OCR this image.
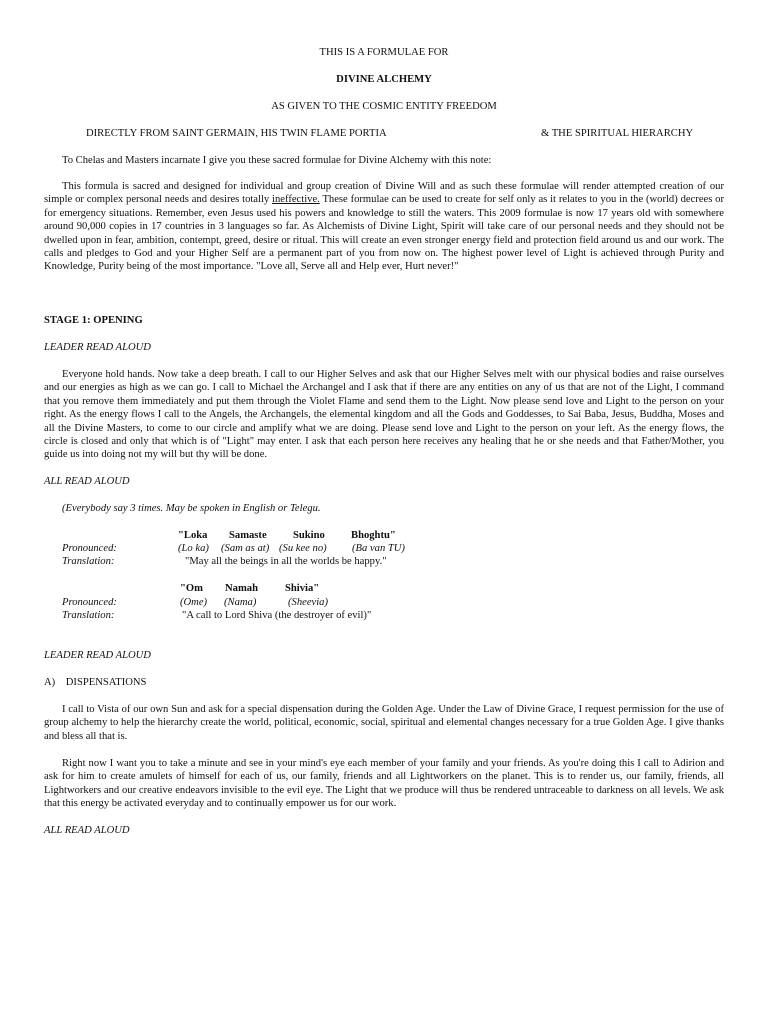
THIS IS A FORMULAE FOR
DIVINE ALCHEMY
AS GIVEN TO THE COSMIC ENTITY FREEDOM
DIRECTLY FROM SAINT GERMAIN, HIS TWIN FLAME PORTIA	& THE SPIRITUAL HIERARCHY
To Chelas and Masters incarnate I give you these sacred formulae for Divine Alchemy with this note:
This formula is sacred and designed for individual and group creation of Divine Will and as such these formulae will render attempted creation of our simple or complex personal needs and desires totally ineffective. These formulae can be used to create for self only as it relates to you in the (world) decrees or for emergency situations. Remember, even Jesus used his powers and knowledge to still the waters. This 2009 formulae is now 17 years old with somewhere around 90,000 copies in 17 countries in 3 languages so far. As Alchemists of Divine Light, Spirit will take care of our personal needs and they should not be dwelled upon in fear, ambition, contempt, greed, desire or ritual. This will create an even stronger energy field and protection field around us and our work. The calls and pledges to God and your Higher Self are a permanent part of you from now on. The highest power level of Light is achieved through Purity and Knowledge, Purity being of the most importance. "Love all, Serve all and Help ever, Hurt never!"
STAGE 1: OPENING
LEADER READ ALOUD
Everyone hold hands. Now take a deep breath. I call to our Higher Selves and ask that our Higher Selves melt with our physical bodies and raise ourselves and our energies as high as we can go. I call to Michael the Archangel and I ask that if there are any entities on any of us that are not of the Light, I command that you remove them immediately and put them through the Violet Flame and send them to the Light. Now please send love and Light to the person on your right. As the energy flows I call to the Angels, the Archangels, the elemental kingdom and all the Gods and Goddesses, to Sai Baba, Jesus, Buddha, Moses and all the Divine Masters, to come to our circle and amplify what we are doing. Please send love and Light to the person on your left. As the energy flows, the circle is closed and only that which is of "Light" may enter. I ask that each person here receives any healing that he or she needs and that Father/Mother, you guide us into doing not my will but thy will be done.
ALL READ ALOUD
(Everybody say 3 times. May be spoken in English or Telegu.
"Loka Samaste Sukino Bhoghtu"
Pronounced:	(Lo ka) (Sam as at) (Su kee no) (Ba van TU)
Translation:	"May all the beings in all the worlds be happy."
"Om Namah	Shivia"
Pronounced:	(Ome) (Nama)	(Sheevia)
Translation:	"A call to Lord Shiva (the destroyer of evil)"
LEADER READ ALOUD
A)    DISPENSATIONS
I call to Vista of our own Sun and ask for a special dispensation during the Golden Age. Under the Law of Divine Grace, I request permission for the use of group alchemy to help the hierarchy create the world, political, economic, social, spiritual and elemental changes necessary for a true Golden Age. I give thanks and bless all that is.
Right now I want you to take a minute and see in your mind's eye each member of your family and your friends. As you're doing this I call to Adirion and ask for him to create amulets of himself for each of us, our family, friends and all Lightworkers on the planet. This is to render us, our family, friends, all Lightworkers and our creative endeavors invisible to the evil eye. The Light that we produce will thus be rendered untraceable to darkness on all levels. We ask that this energy be activated everyday and to continually empower us for our work.
ALL READ ALOUD
